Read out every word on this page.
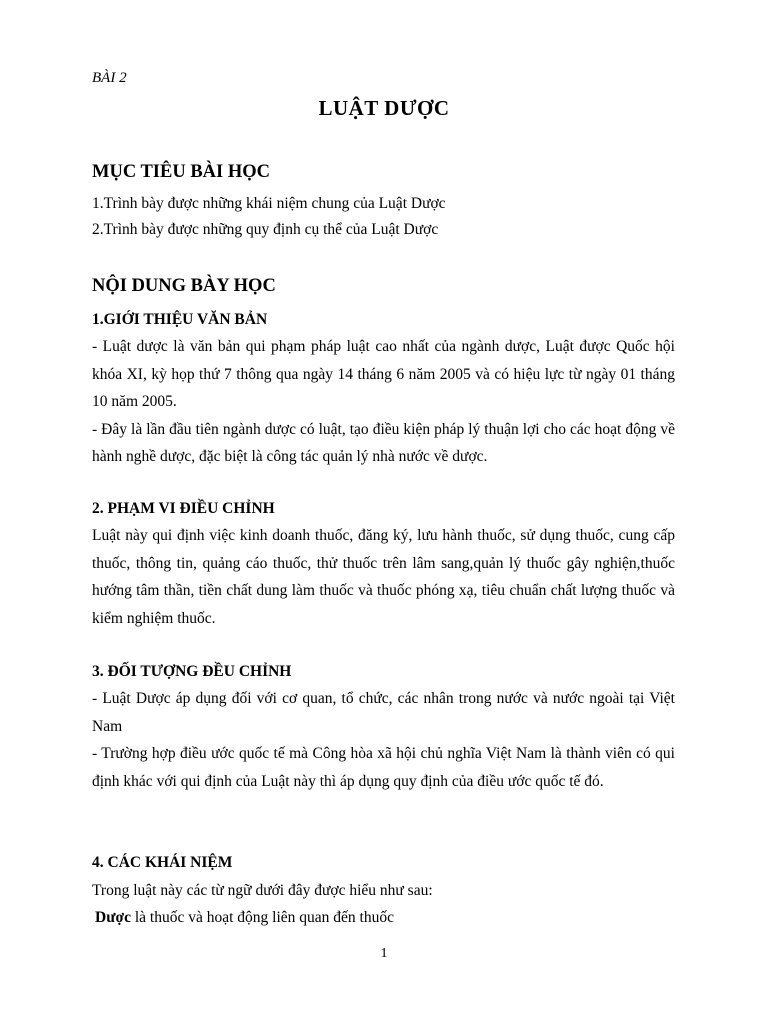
BÀI 2
LUẬT DƯỢC
MỤC TIÊU BÀI HỌC
1.Trình bày được những khái niệm chung của Luật Dược
2.Trình bày được những quy định cụ thể của Luật Dược
NỘI DUNG BÀY HỌC
1.GIỚI THIỆU VĂN BẢN

- Luật dược là văn bản qui phạm pháp luật cao nhất của ngành dược, Luật được Quốc hội khóa XI, kỳ họp thứ 7 thông qua ngày 14 tháng 6 năm 2005 và có hiệu lực từ ngày 01 tháng 10 năm 2005.

- Đây là lần đầu tiên ngành dược có luật, tạo điều kiện pháp lý thuận lợi cho các hoạt động về hành nghề dược, đặc biệt là công tác quản lý nhà nước về dược.

2. PHẠM VI ĐIỀU CHỈNH

Luật này qui định việc kinh doanh thuốc, đăng ký, lưu hành thuốc, sử dụng thuốc, cung cấp thuốc, thông tin, quảng cáo thuốc, thử thuốc trên lâm sang,quản lý thuốc gây nghiện,thuốc hướng tâm thần, tiền chất dung làm thuốc và thuốc phóng xạ, tiêu chuẩn chất lượng thuốc và kiểm nghiệm thuốc.

3. ĐỐI TƯỢNG ĐỀU CHỈNH

- Luật Dược áp dụng đối với cơ quan, tổ chức, các nhân trong nước và nước ngoài tại Việt Nam

- Trường hợp điều ước quốc tế mà Công hòa xã hội chủ nghĩa Việt Nam là thành viên có qui định khác với qui định của Luật này thì áp dụng quy định của điều ước quốc tế đó.

4. CÁC KHÁI NIỆM
Trong luật này các từ ngữ dưới đây được hiểu như sau:
Dược là thuốc và hoạt động liên quan đến thuốc
1
